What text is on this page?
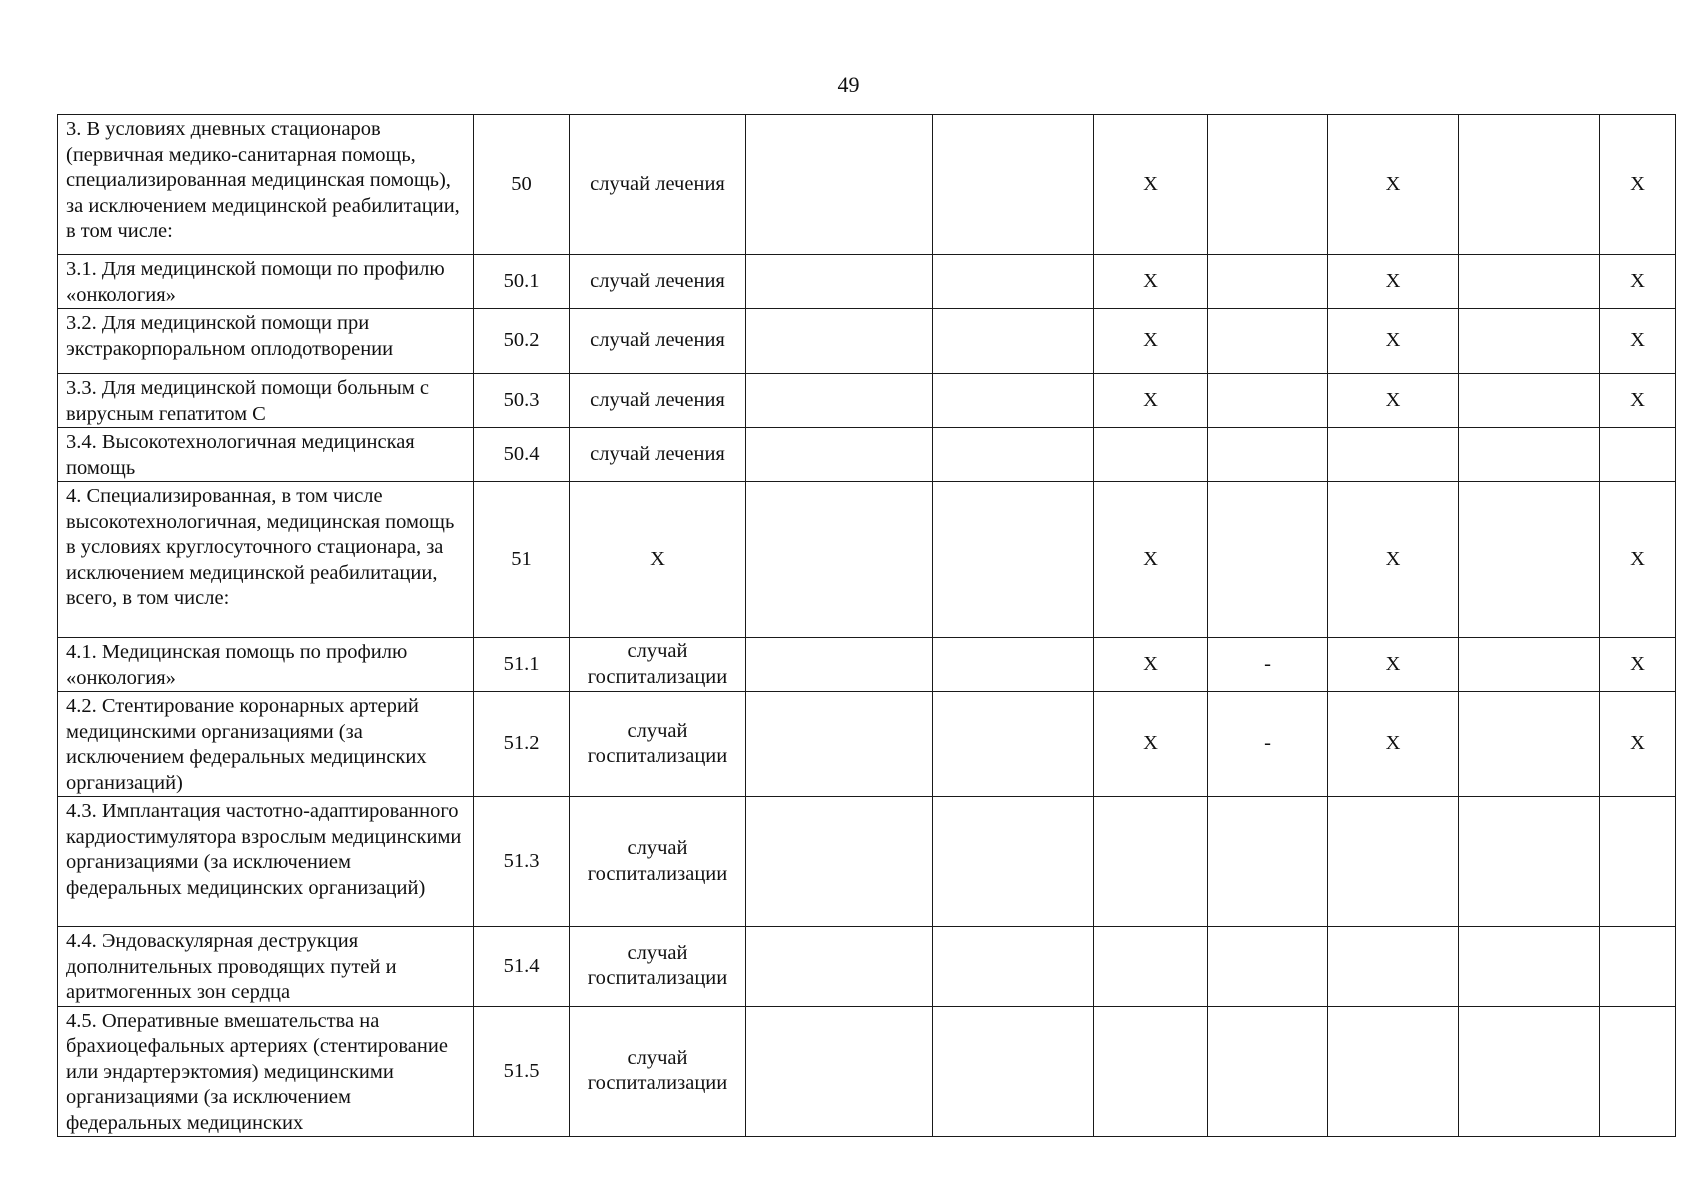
49
3. В условиях дневных стационаров (первичная медико-санитарная помощь, специализированная медицинская помощь), за исключением медицинской реабилитации, в том числе:	50	случай лечения			Х		Х		Х
3.1. Для медицинской помощи по профилю «онкология»	50.1	случай лечения			Х		Х		Х
3.2. Для медицинской помощи при экстракорпоральном оплодотворении	50.2	случай лечения			Х		Х		Х
3.3. Для медицинской помощи больным с вирусным гепатитом С	50.3	случай лечения			Х		Х		Х
3.4. Высокотехнологичная медицинская помощь	50.4	случай лечения							
4. Специализированная, в том числе высокотехнологичная, медицинская помощь в условиях круглосуточного стационара, за исключением медицинской реабилитации, всего, в том числе:	51	Х			Х		Х		Х
4.1. Медицинская помощь по профилю «онкология»	51.1	случай госпитализации			Х	-	Х		Х
4.2. Стентирование коронарных артерий медицинскими организациями (за исключением федеральных медицинских организаций)	51.2	случай госпитализации			Х	-	Х		Х
4.3. Имплантация частотно-адаптированного кардиостимулятора взрослым медицинскими организациями (за исключением федеральных медицинских организаций)	51.3	случай госпитализации							
4.4. Эндоваскулярная деструкция дополнительных проводящих путей и аритмогенных зон сердца	51.4	случай госпитализации							
4.5. Оперативные вмешательства на брахиоцефальных артериях (стентирование или эндартерэктомия) медицинскими организациями (за исключением федеральных медицинских	51.5	случай госпитализации							
